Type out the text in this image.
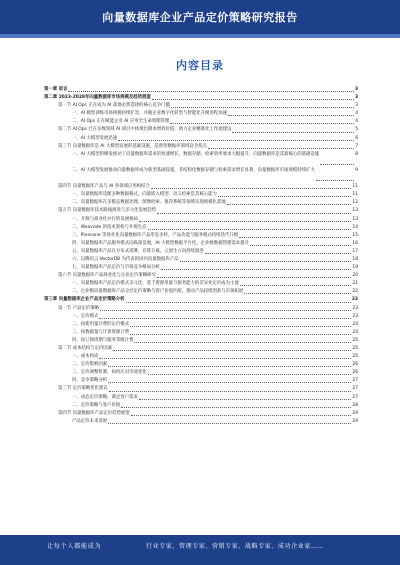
向量数据库企业产品定价策略研究报告
内容目录
第一章 前言	3
第二章 2023-2028年向量数据库市场规模及趋势展望	3
第一节 AI Ops 正在成为 AI 落地必然选择的核心竞争门槛	3
一、AI 模型训练市场规模持续扩容，并随企业数字化转型与智能化升级进程加速	4
二、AI Ops 正在赋能企业 AI 应用全生命周期管理	4
第二节 AI Ops 已在多数领域 AI 项目中体现出降本增效价值，助力企业精准化工作流建设	5
一、AI 大模型发展迅速	6
第三节 向量数据库是 AI 大模型发展的基础设施，是新型数据库领域竞争焦点	7
一、AI 大模型的爆发推动了向量数据库需求的快速增长，数据存储、检索效率要求大幅提升，向量数据库是其最核心的基础设施	8
二、AI 大模型发展推动向量数据库成为新型基础设施，非结构化数据存储与检索需求增长显著，向量数据库市场规模持续扩大	9
第四节 向量数据库产品与 AI 各领域应用相结合	11
一、向量数据库适配多种数据格式，向量嵌入模型、语义检索是其核心能力	11
二、向量数据库在多模态数据处理、图像检索、推荐系统等领域实现规模化落地	12
第五节 向量数据库技术路线演进与多元化发展趋势	13
一、开源与商业化并行的发展格局	13
二、Weaviate 的技术架构与开源生态	14
三、Pinecone 等商业化向量数据库产品形态多样，产品功能与服务模式持续迭代升级	15
四、向量数据库产品服务模式向纵深发展，AI 大模型数据平台化、企业级数据管理需求提升	16
五、向量数据库产品在分布式部署、存算分离、云原生方向持续演进	17
六、以腾讯云 VectorDB 为代表的国内向量数据库产品	18
七、向量数据库产品定价与市场竞争格局分析	19
第六节 向量数据库产品商业化与企业定价策略研究	20
一、向量数据库产品定价模式多元化，基于资源用量与服务能力的差异化定价成为主流	21
二、企业级向量数据库产品分层定价策略与客户价值匹配，推动产品持续创新与市场拓展	22
第三章 向量数据库企业产品定价策略分析	23
第一节 产品定价策略	23
一、定价模式	23
二、按使用量计费的定价模式	24
三、按数据量与计算资源计费	24
四、按订阅周期与服务等级计费	25
第二节 成本结构与定价因素	25
一、成本构成	25
二、定价影响因素	26
三、定价调整机制，如何应对市场变化	26
四、竞争策略分析	27
第三节 定价策略优化建议	27
一、动态定价策略，满足客户需求	27
二、定价策略与客户价值	28
第四节 向量数据库产品定价趋势展望	29
产品定价未来发展	29
让每个人都能成为	行业专家、管理专家、营销专家、战略专家、成功企业家……
